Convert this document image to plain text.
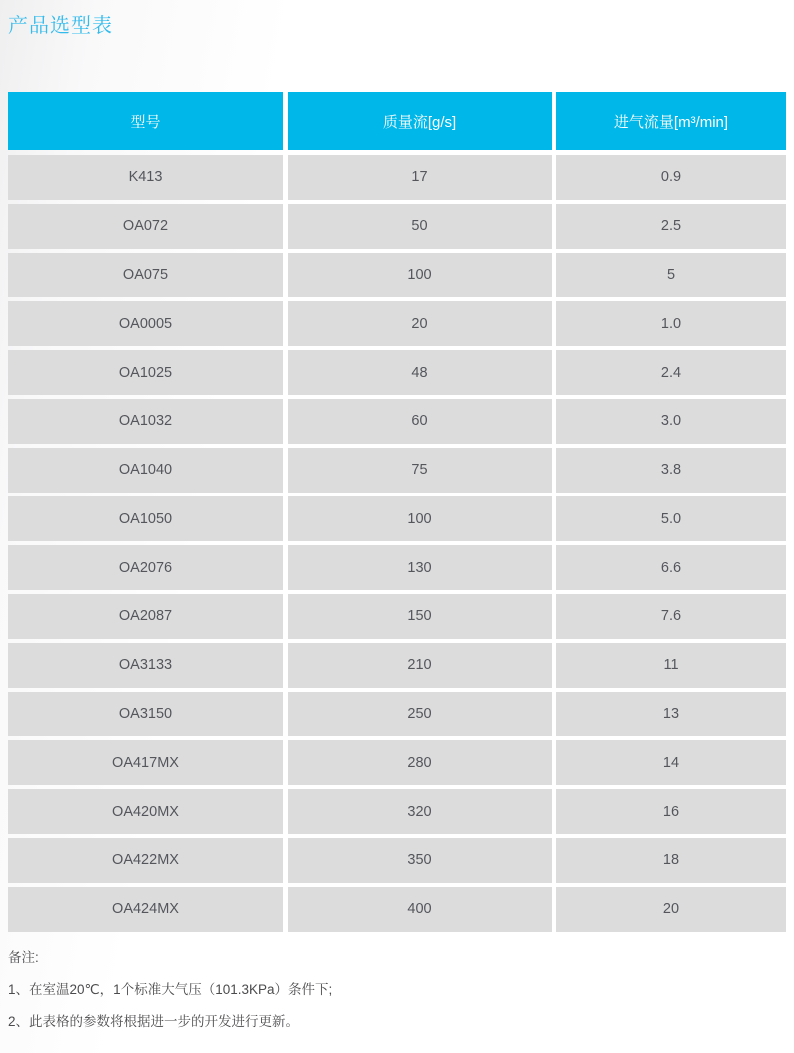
产品选型表
型号	质量流[g/s]	进气流量[m³/min]
K413	17	0.9
OA072	50	2.5
OA075	100	5
OA0005	20	1.0
OA1025	48	2.4
OA1032	60	3.0
OA1040	75	3.8
OA1050	100	5.0
OA2076	130	6.6
OA2087	150	7.6
OA3133	210	11
OA3150	250	13
OA417MX	280	14
OA420MX	320	16
OA422MX	350	18
OA424MX	400	20
备注:
1、在室温20℃，1个标准大气压（101.3KPa）条件下;
2、此表格的参数将根据进一步的开发进行更新。
